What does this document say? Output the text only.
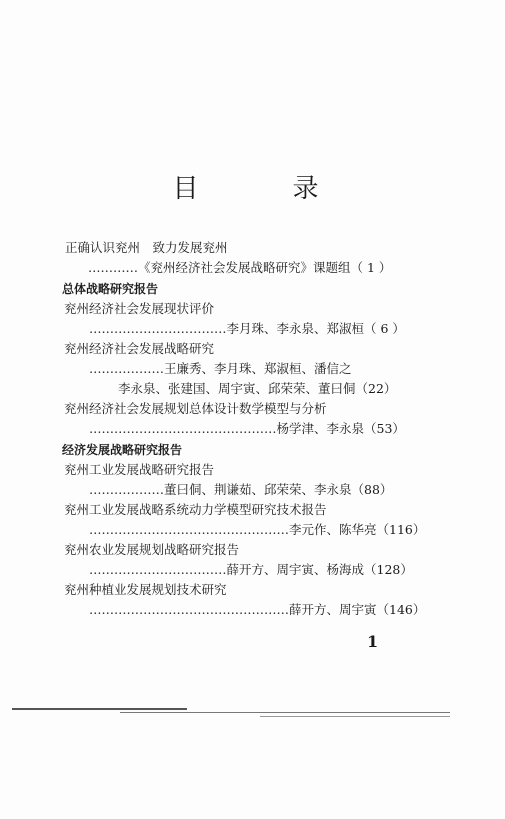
目　录
正确认识兖州　致力发展兖州
…………《兖州经济社会发展战略研究》课题组（ 1 ）
总体战略研究报告
兖州经济社会发展现状评价
……………………………李月珠、李永泉、郑淑桓（ 6 ）
兖州经济社会发展战略研究
………………王廉秀、李月珠、郑淑桓、潘信之
李永泉、张建国、周宇寅、邱荣荣、董曰侗（22）
兖州经济社会发展规划总体设计数学模型与分析
………………………………………杨学津、李永泉（53）
经济发展战略研究报告
兖州工业发展战略研究报告
………………董曰侗、荆谦茹、邱荣荣、李永泉（88）
兖州工业发展战略系统动力学模型研究技术报告
…………………………………………李元作、陈华亮（116）
兖州农业发展规划战略研究报告
……………………………薛开方、周宇寅、杨海成（128）
兖州种植业发展规划技术研究
…………………………………………薛开方、周宇寅（146）
1
